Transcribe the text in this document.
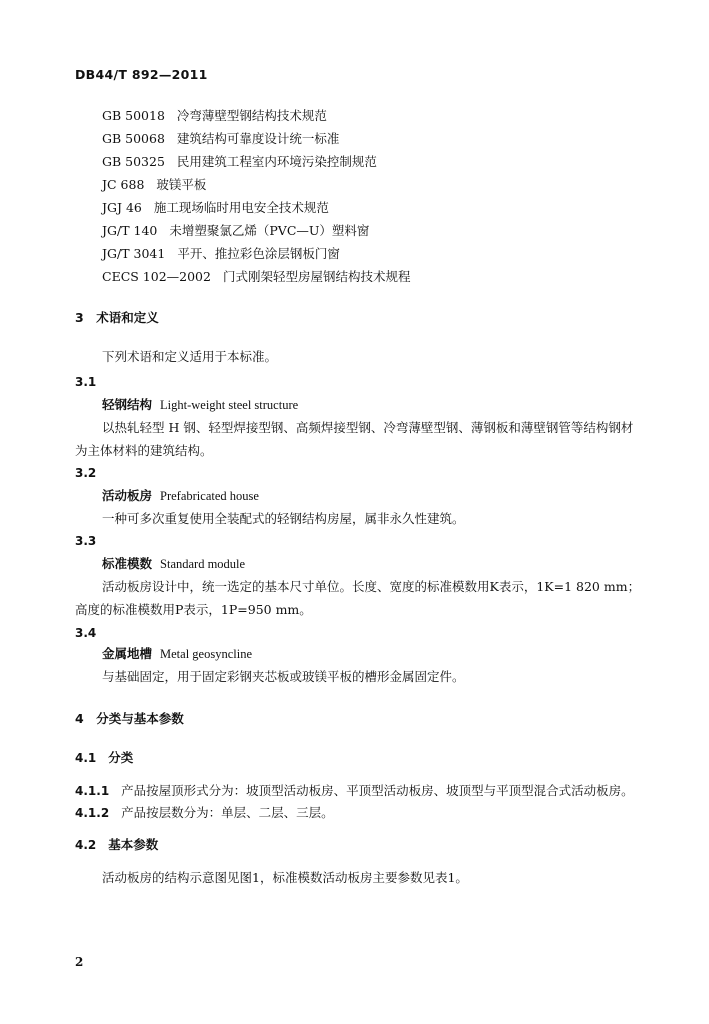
DB44/T 892—2011
GB 50018 冷弯薄壁型钢结构技术规范
GB 50068 建筑结构可靠度设计统一标准
GB 50325 民用建筑工程室内环境污染控制规范
JC 688 玻镁平板
JGJ 46 施工现场临时用电安全技术规范
JG/T 140 未增塑聚氯乙烯（PVC—U）塑料窗
JG/T 3041 平开、推拉彩色涂层钢板门窗
CECS 102—2002 门式刚架轻型房屋钢结构技术规程
3　术语和定义
下列术语和定义适用于本标准。
3.1
轻钢结构 Light-weight steel structure
以热轧轻型 H 钢、轻型焊接型钢、高频焊接型钢、冷弯薄壁型钢、薄钢板和薄壁钢管等结构钢材
为主体材料的建筑结构。
3.2
活动板房 Prefabricated house
一种可多次重复使用全装配式的轻钢结构房屋，属非永久性建筑。
3.3
标准模数 Standard module
活动板房设计中，统一选定的基本尺寸单位。长度、宽度的标准模数用K表示，1K=1 820 mm；
高度的标准模数用P表示，1P=950 mm。
3.4
金属地槽 Metal geosyncline
与基础固定，用于固定彩钢夹芯板或玻镁平板的槽形金属固定件。
4　分类与基本参数
4.1 分类
4.1.1 产品按屋顶形式分为：坡顶型活动板房、平顶型活动板房、坡顶型与平顶型混合式活动板房。
4.1.2 产品按层数分为：单层、二层、三层。
4.2 基本参数
活动板房的结构示意图见图1，标准模数活动板房主要参数见表1。
2
